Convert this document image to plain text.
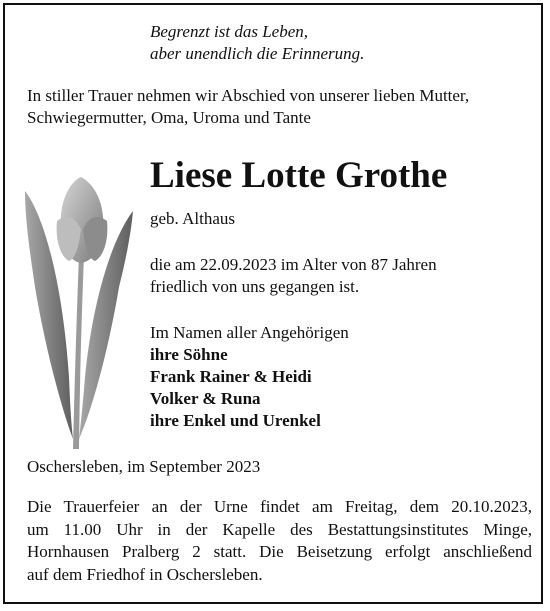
Begrenzt ist das Leben,
aber unendlich die Erinnerung.
In stiller Trauer nehmen wir Abschied von unserer lieben Mutter,
Schwiegermutter, Oma, Uroma und Tante
Liese Lotte Grothe
geb. Althaus
die am 22.09.2023 im Alter von 87 Jahren
friedlich von uns gegangen ist.
Im Namen aller Angehörigen
ihre Söhne
Frank Rainer & Heidi
Volker & Runa
ihre Enkel und Urenkel
Oschersleben, im September 2023
Die Trauerfeier an der Urne findet am Freitag, dem 20.10.2023,
um 11.00 Uhr in der Kapelle des Bestattungsinstitutes Minge,
Hornhausen Pralberg 2 statt. Die Beisetzung erfolgt anschließend
auf dem Friedhof in Oschersleben.
